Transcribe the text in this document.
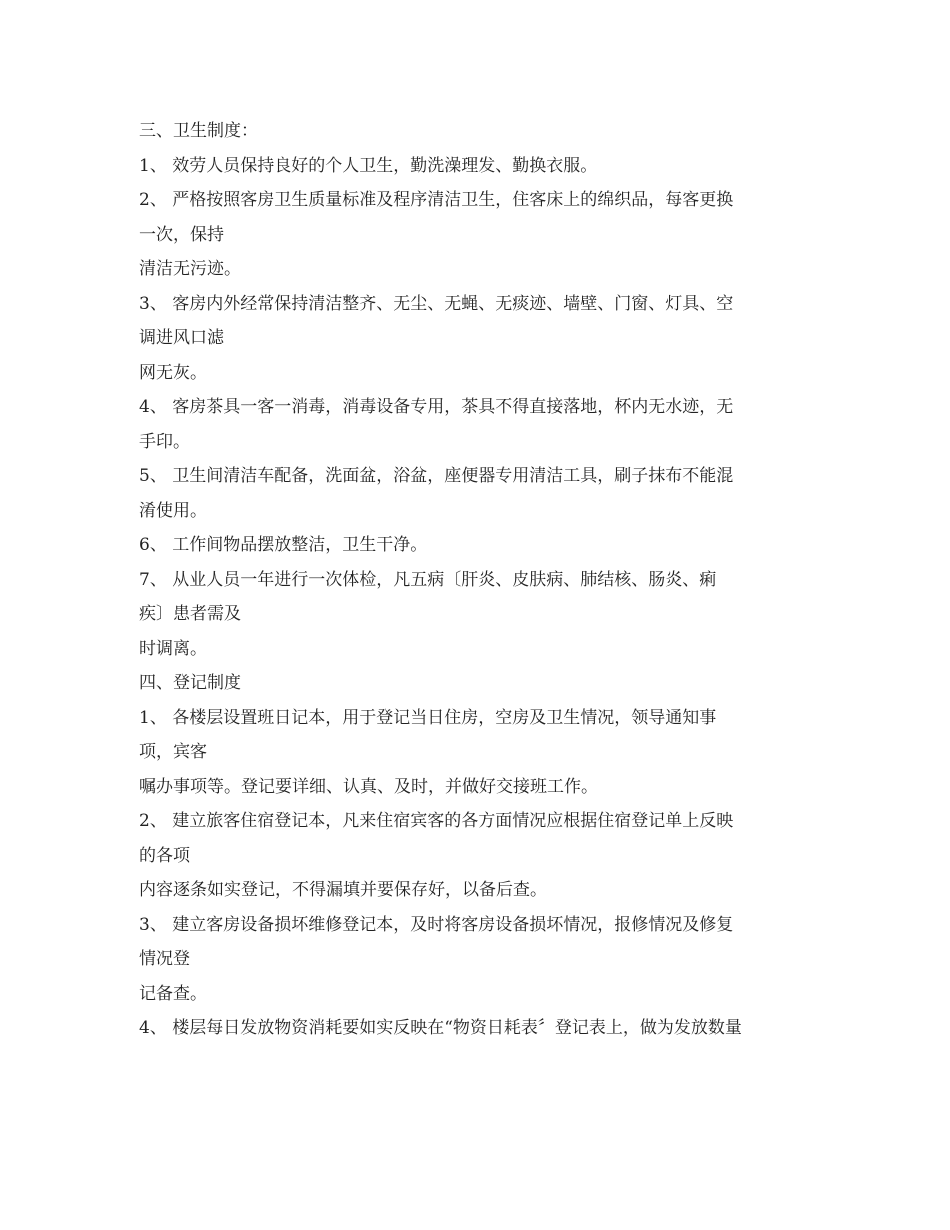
三、卫生制度：

1、 效劳人员保持良好的个人卫生，勤洗澡理发、勤换衣服。

2、 严格按照客房卫生质量标准及程序清洁卫生，住客床上的绵织品，每客更换

一次，保持

清洁无污迹。

3、 客房内外经常保持清洁整齐、无尘、无蝇、无痰迹、墙壁、门窗、灯具、空

调进风口滤

网无灰。

4、 客房茶具一客一消毒，消毒设备专用，茶具不得直接落地，杯内无水迹，无

手印。

5、 卫生间清洁车配备，洗面盆，浴盆，座便器专用清洁工具，刷子抹布不能混

淆使用。

6、 工作间物品摆放整洁，卫生干净。

7、 从业人员一年进行一次体检，凡五病〔肝炎、皮肤病、肺结核、肠炎、痢

疾〕患者需及

时调离。

四、登记制度

1、 各楼层设置班日记本，用于登记当日住房，空房及卫生情况，领导通知事

项，宾客

嘱办事项等。登记要详细、认真、及时，并做好交接班工作。

2、 建立旅客住宿登记本，凡来住宿宾客的各方面情况应根据住宿登记单上反映

的各项

内容逐条如实登记，不得漏填并要保存好，以备后查。

3、 建立客房设备损坏维修登记本，及时将客房设备损坏情况，报修情况及修复

情况登

记备查。

4、 楼层每日发放物资消耗要如实反映在“物资日耗表〞登记表上，做为发放数量
